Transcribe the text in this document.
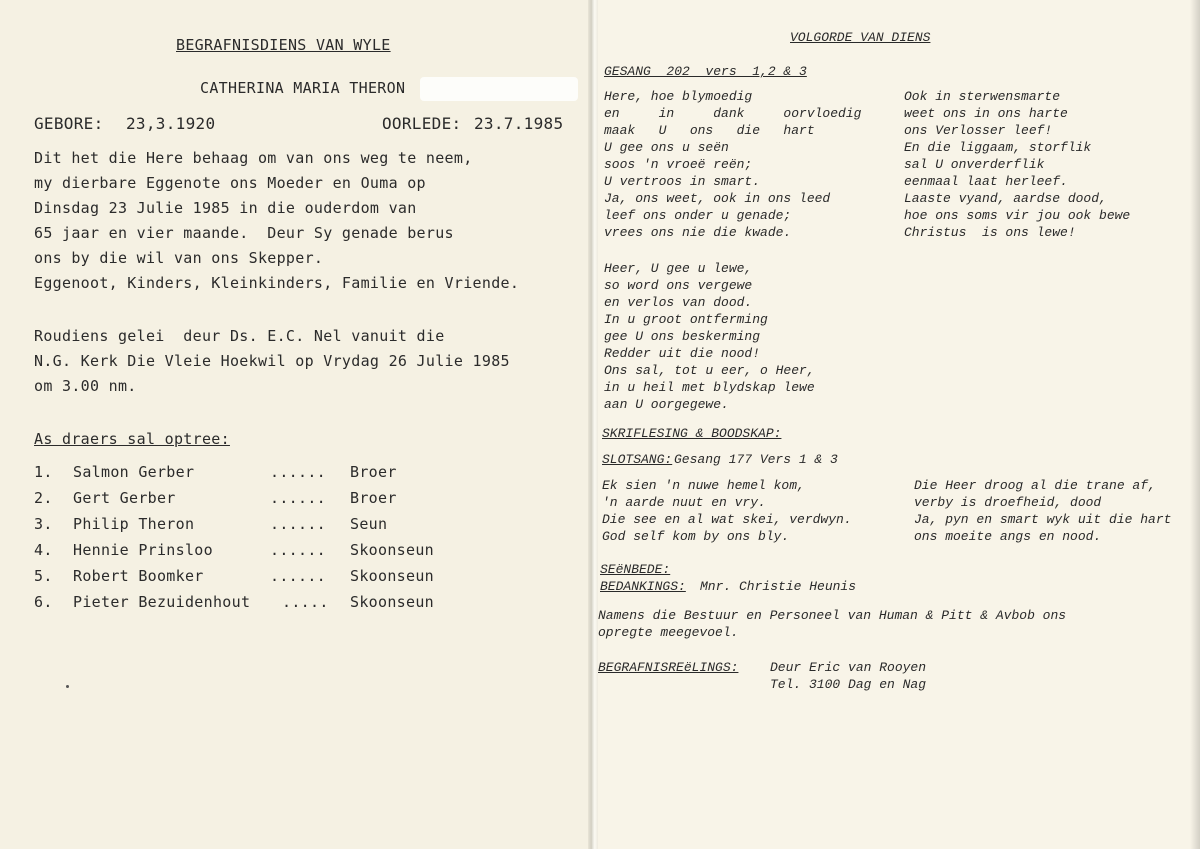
BEGRAFNISDIENS VAN WYLE
CATHERINA MARIA THERON
GEBORE: 23,3.1920	OORLEDE: 23.7.1985
Dit het die Here behaag om van ons weg te neem,
my dierbare Eggenote ons Moeder en Ouma op
Dinsdag 23 Julie 1985 in die ouderdom van
65 jaar en vier maande.  Deur Sy genade berus
ons by die wil van ons Skepper.
Eggenoot, Kinders, Kleinkinders, Familie en Vriende.
Roudiens gelei  deur Ds. E.C. Nel vanuit die
N.G. Kerk Die Vleie Hoekwil op Vrydag 26 Julie 1985
om 3.00 nm.
As draers sal optree:
1. Salmon Gerber	...... Broer
2. Gert Gerber	...... Broer
3. Philip Theron	...... Seun
4. Hennie Prinsloo	...... Skoonseun
5. Robert Boomker	...... Skoonseun
6. Pieter Bezuidenhout ..... Skoonseun
VOLGORDE VAN DIENS
GESANG  202  vers  1,2 & 3
Here, hoe blymoedig
en     in     dank     oorvloedig
maak   U   ons   die   hart
U gee ons u seën
soos 'n vroeë reën;
U vertroos in smart.
Ja, ons weet, ook in ons leed
leef ons onder u genade;
vrees ons nie die kwade.
Ook in sterwensmarte
weet ons in ons harte
ons Verlosser leef!
En die liggaam, storflik
sal U onverderflik
eenmaal laat herleef.
Laaste vyand, aardse dood,
hoe ons soms vir jou ook bewe
Christus  is ons lewe!
Heer, U gee u lewe,
so word ons vergewe
en verlos van dood.
In u groot ontferming
gee U ons beskerming
Redder uit die nood!
Ons sal, tot u eer, o Heer,
in u heil met blydskap lewe
aan U oorgegewe.
SKRIFLESING & BOODSKAP:
SLOTSANG: Gesang 177 Vers 1 & 3
Ek sien 'n nuwe hemel kom,
'n aarde nuut en vry.
Die see en al wat skei, verdwyn.
God self kom by ons bly.
Die Heer droog al die trane af,
verby is droefheid, dood
Ja, pyn en smart wyk uit die hart
ons moeite angs en nood.
SEëNBEDE:
BEDANKINGS: Mnr. Christie Heunis
Namens die Bestuur en Personeel van Human & Pitt & Avbob ons
opregte meegevoel.
BEGRAFNISREëLINGS: Deur Eric van Rooyen
Tel. 3100 Dag en Nag
